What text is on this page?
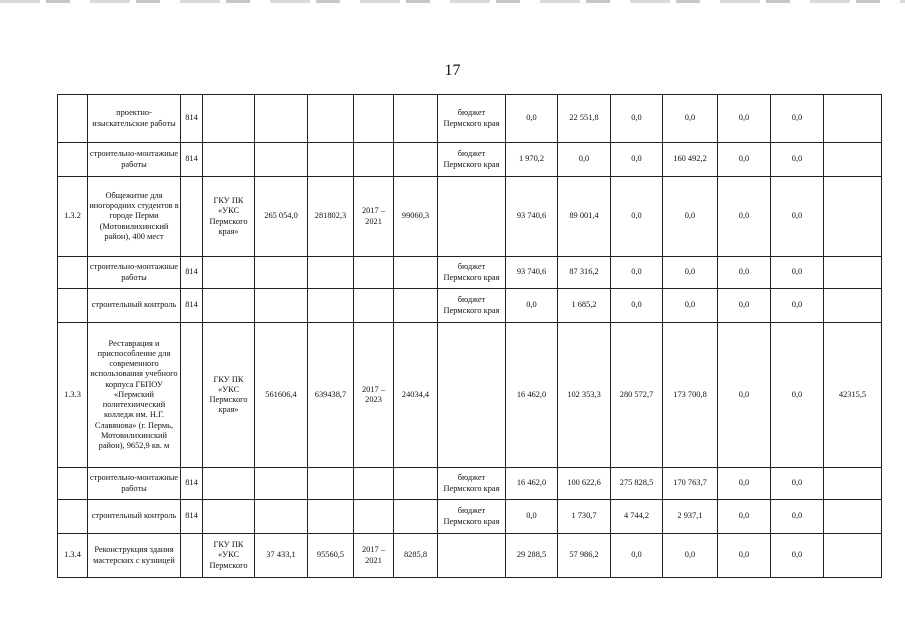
17
	проектно-изыскательские работы	814						бюджет Пермского края	0,0	22 551,8	0,0	0,0	0,0	0,0	
	строительно-монтажные работы	814						бюджет Пермского края	1 970,2	0,0	0,0	160 492,2	0,0	0,0	
1.3.2	Общежитие для иногородних студентов в городе Перми (Мотовилихинский район), 400 мест		ГКУ ПК «УКС Пермского края»	265 054,0	281802,3	2017 – 2021	99060,3		93 740,6	89 001,4	0,0	0,0	0,0	0,0	
	строительно-монтажные работы	814						бюджет Пермского края	93 740,6	87 316,2	0,0	0,0	0,0	0,0	
	строительный контроль	814						бюджет Пермского края	0,0	1 685,2	0,0	0,0	0,0	0,0	
1.3.3	Реставрация и приспособление для современного использования учебного корпуса ГБПОУ «Пермский политехнический колледж им. Н.Г. Славянова» (г. Пермь, Мотовилихинский район), 9652,9 кв. м		ГКУ ПК «УКС Пермского края»	561606,4	639438,7	2017 – 2023	24034,4		16 462,0	102 353,3	280 572,7	173 700,8	0,0	0,0	42315,5
	строительно-монтажные работы	814						бюджет Пермского края	16 462,0	100 622,6	275 828,5	170 763,7	0,0	0,0	
	строительный контроль	814						бюджет Пермского края	0,0	1 730,7	4 744,2	2 937,1	0,0	0,0	
1.3.4	Реконструкция здания мастерских с кузницей		ГКУ ПК «УКС Пермского	37 433,1	95560,5	2017 – 2021	8285,8		29 288,5	57 986,2	0,0	0,0	0,0	0,0	
